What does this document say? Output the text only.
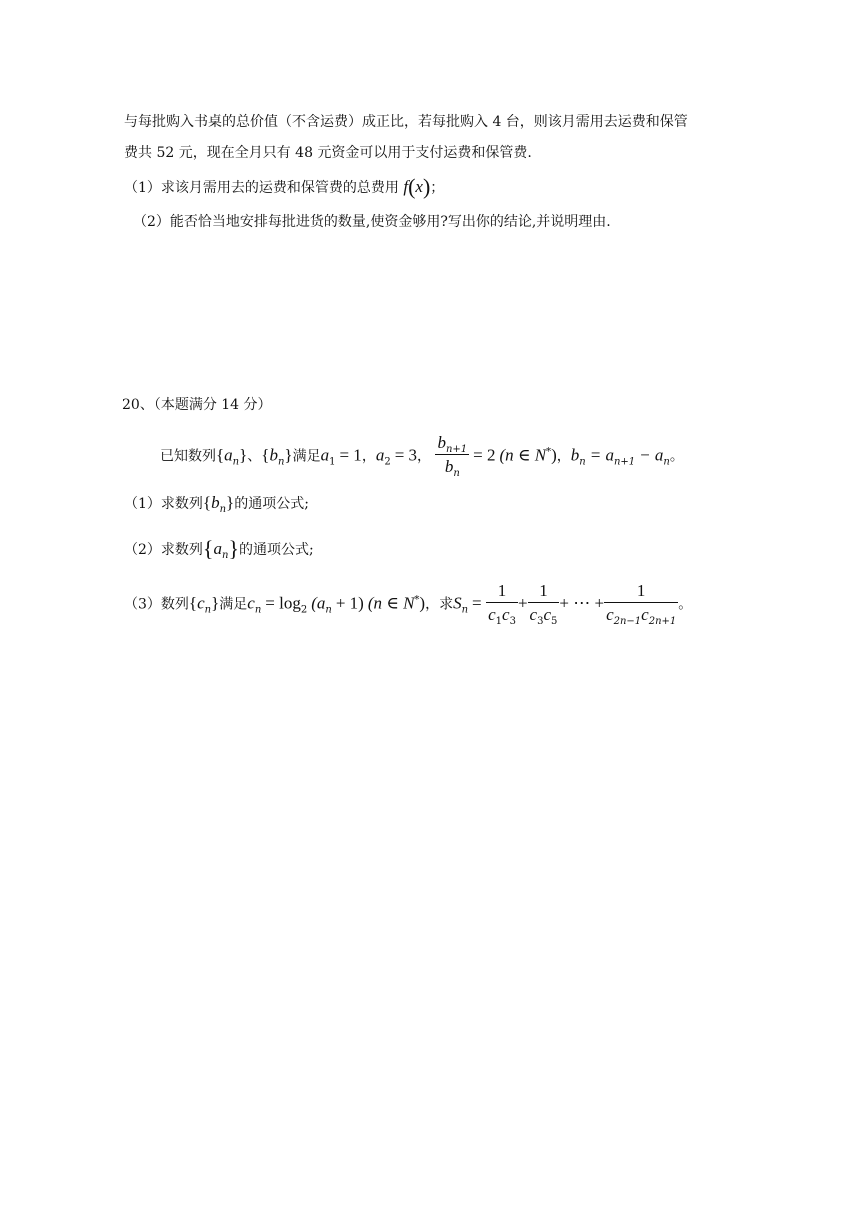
与每批购入书桌的总价值（不含运费）成正比，若每批购入 4 台，则该月需用去运费和保管
费共 52 元，现在全月只有 48 元资金可以用于支付运费和保管费.
（1）求该月需用去的运费和保管费的总费用 f(x)；
（2）能否恰当地安排每批进货的数量,使资金够用?写出你的结论,并说明理由.
20、（本题满分 14 分）
已知数列$\{a_n\}$、$\{b_n\}$满足$a_1 = 1$，$a_2 = 3$， $\frac{b_{n+1}}{b_n} = 2$ (n ∈ N*)，$b_n = a_{n+1} - a_n$。
（1）求数列$\{b_n\}$的通项公式;
（2）求数列$\{a_n\}$的通项公式;
（3）数列$\{c_n\}$满足$c_n = \log_2 (a_n + 1)$ (n ∈ N*)，求$S_n = \frac{1}{c_1c_3} + \frac{1}{c_3c_5}$ + ⋯ + $\frac{1}{c_{2n-1}c_{2n+1}}$ 。
